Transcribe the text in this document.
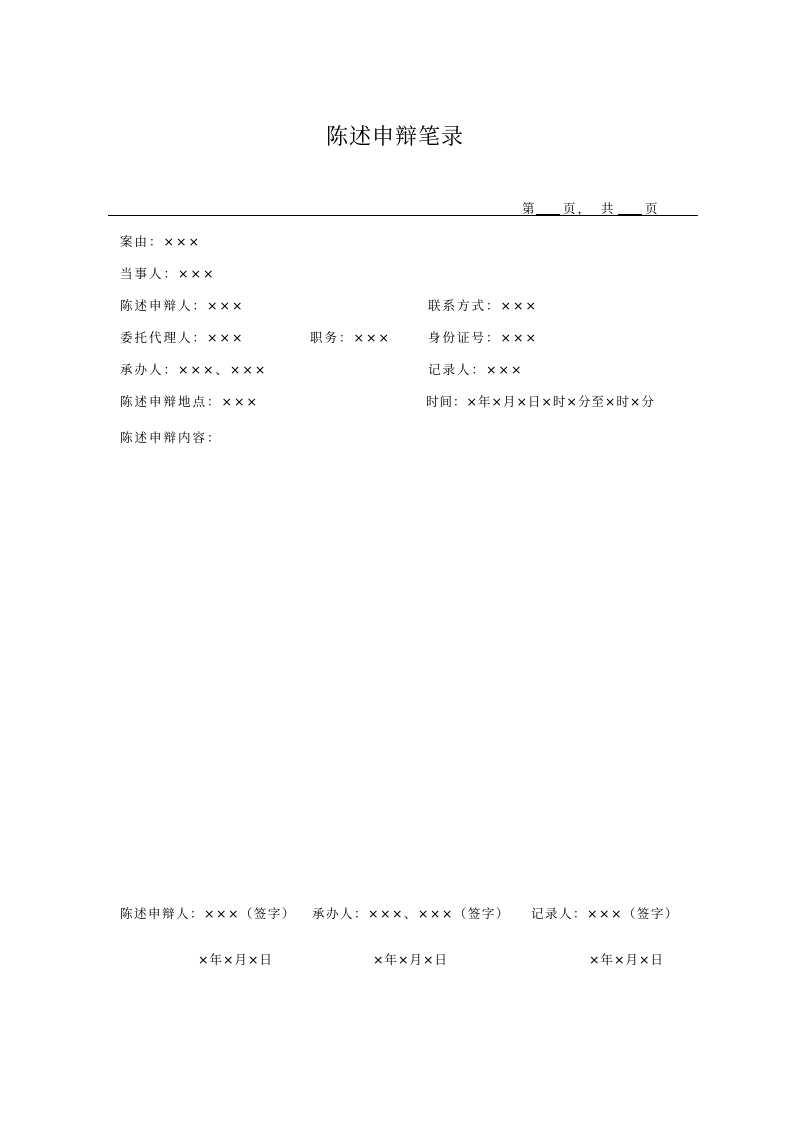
陈述申辩笔录
第 页， 共 页
案由：×××
当事人：×××
陈述申辩人：×××	联系方式：×××
委托代理人：×××	职务：×××	身份证号：×××
承办人：×××、×××	记录人：×××
陈述申辩地点：×××	时间：×年×月×日×时×分至×时×分
陈述申辩内容：
陈述申辩人：×××（签字） 承办人：×××、×××（签字） 记录人：×××（签字）
×年×月×日	×年×月×日	×年×月×日
